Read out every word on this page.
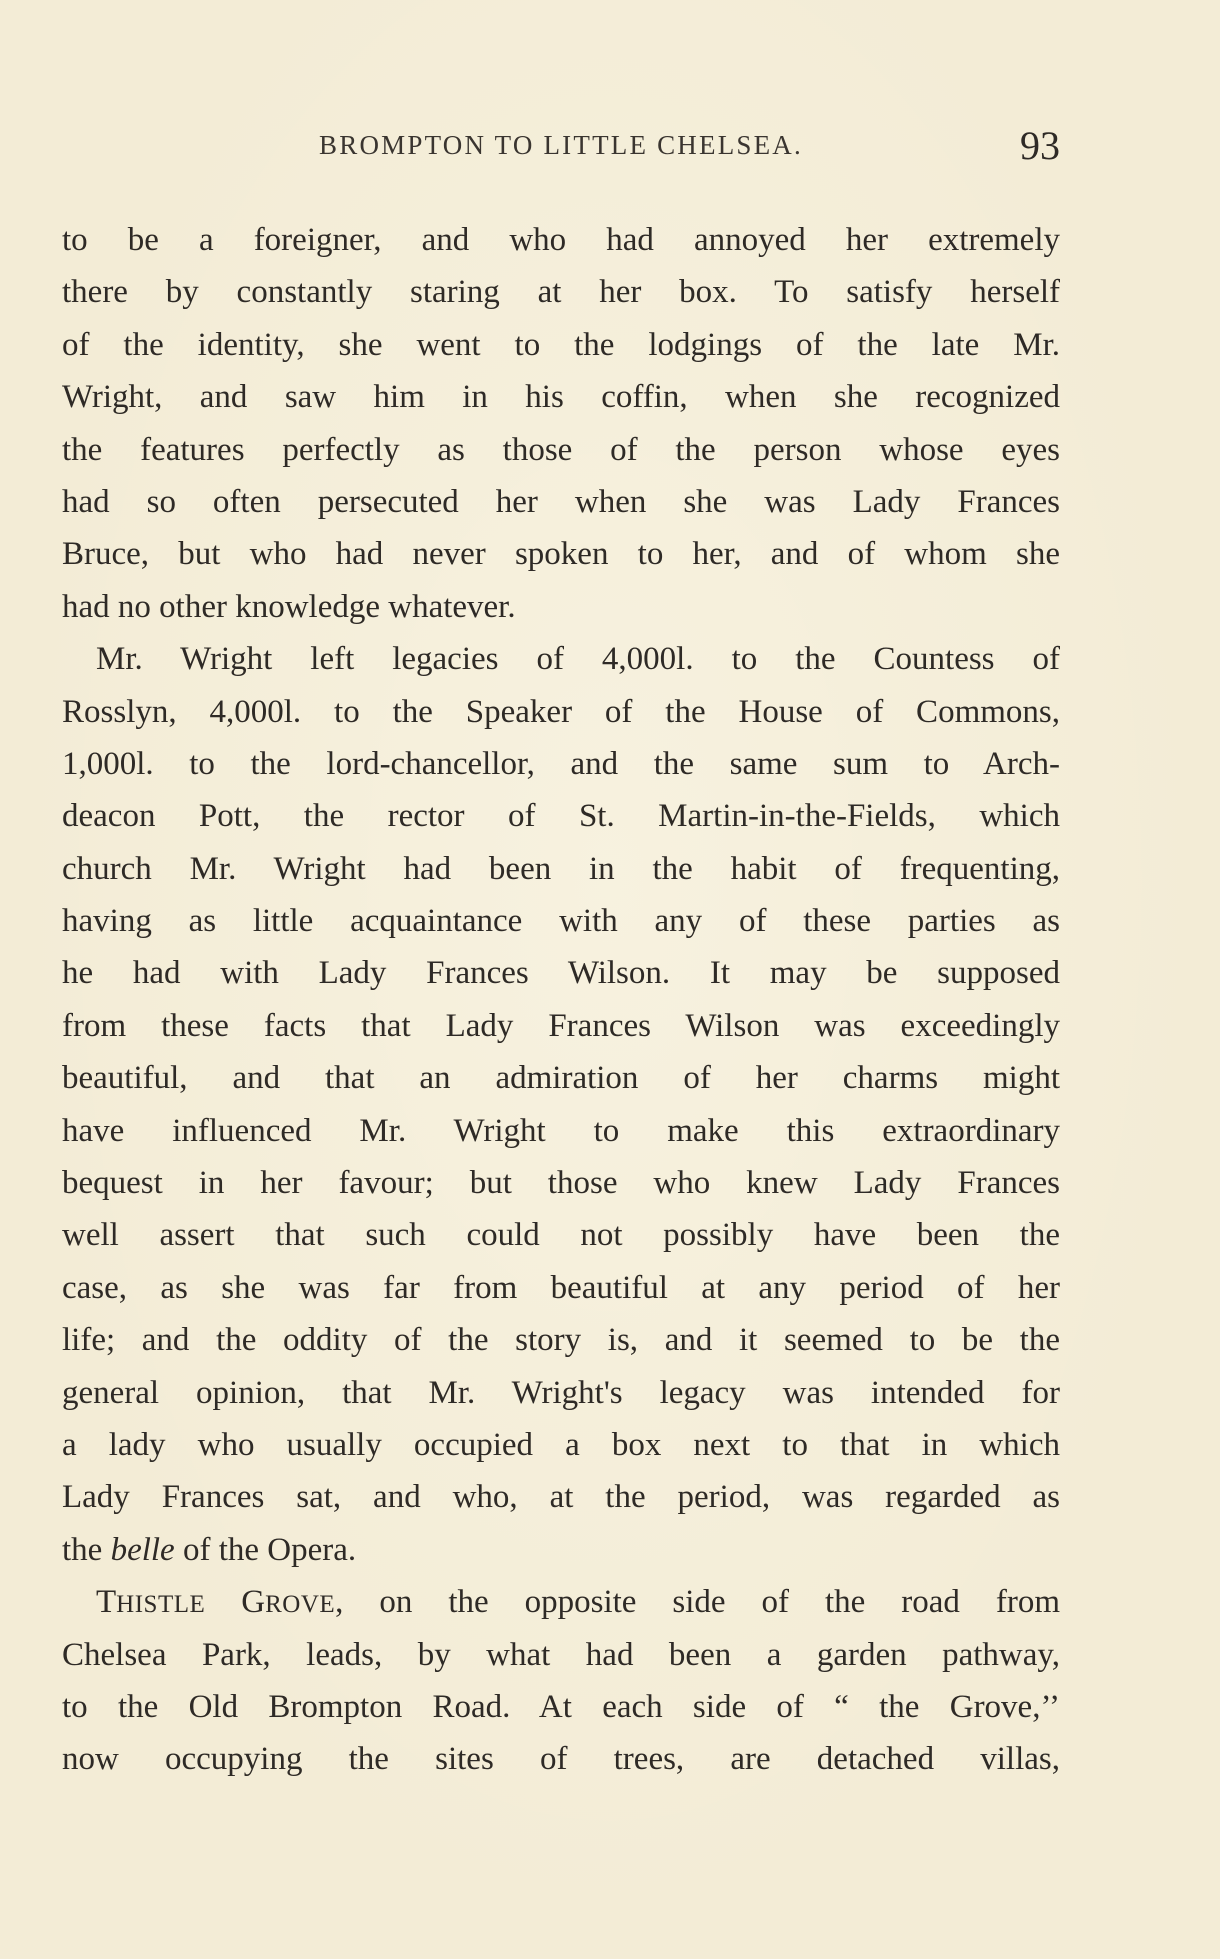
BROMPTON TO LITTLE CHELSEA.	93
to be a foreigner, and who had annoyed her extremely
there by constantly staring at her box. To satisfy herself
of the identity, she went to the lodgings of the late Mr.
Wright, and saw him in his coffin, when she recognized
the features perfectly as those of the person whose eyes
had so often persecuted her when she was Lady Frances
Bruce, but who had never spoken to her, and of whom she
had no other knowledge whatever.
Mr. Wright left legacies of 4,000l. to the Countess of
Rosslyn, 4,000l. to the Speaker of the House of Commons,
1,000l. to the lord-chancellor, and the same sum to Arch-
deacon Pott, the rector of St. Martin-in-the-Fields, which
church Mr. Wright had been in the habit of frequenting,
having as little acquaintance with any of these parties as
he had with Lady Frances Wilson. It may be supposed
from these facts that Lady Frances Wilson was exceedingly
beautiful, and that an admiration of her charms might
have influenced Mr. Wright to make this extraordinary
bequest in her favour; but those who knew Lady Frances
well assert that such could not possibly have been the
case, as she was far from beautiful at any period of her
life; and the oddity of the story is, and it seemed to be the
general opinion, that Mr. Wright's legacy was intended for
a lady who usually occupied a box next to that in which
Lady Frances sat, and who, at the period, was regarded as
the belle of the Opera.
THISTLE GROVE, on the opposite side of the road from
Chelsea Park, leads, by what had been a garden pathway,
to the Old Brompton Road. At each side of “ the Grove,’’
now occupying the sites of trees, are detached villas,
